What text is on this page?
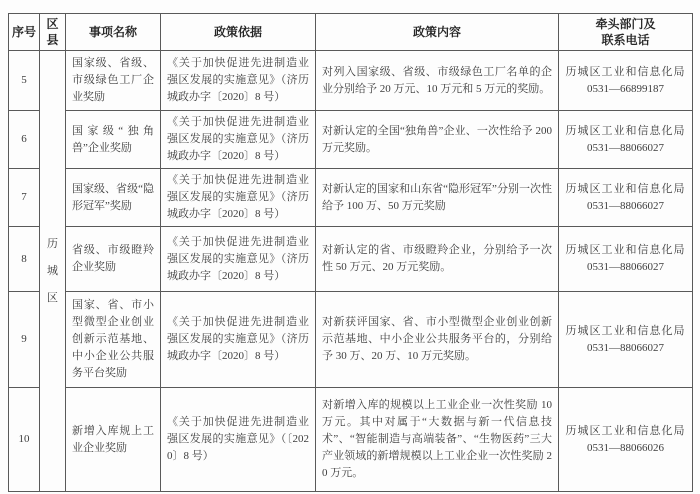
序号	区县	事项名称	政策依据	政策内容	牵头部门及
联系电话

5	历
城
区	国家级、省级、市级绿色工厂企业奖励	《关于加快促进先进制造业强区发展的实施意见》（济历城政办字〔2020〕8 号）	对列入国家级、省级、市级绿色工厂名单的企业分别给予 20 万元、10 万元和 5 万元的奖励。	历城区工业和信息化局
0531—66899187

6		国家级“独角兽”企业奖励	《关于加快促进先进制造业强区发展的实施意见》（济历城政办字〔2020〕8 号）	对新认定的全国“独角兽”企业、一次性给予 200 万元奖励。	历城区工业和信息化局
0531—88066027

7		国家级、省级“隐形冠军”奖励	《关于加快促进先进制造业强区发展的实施意见》（济历城政办字〔2020〕8 号）	对新认定的国家和山东省“隐形冠军”分别一次性给予 100 万、50 万元奖励	历城区工业和信息化局
0531—88066027

8		省级、市级瞪羚企业奖励	《关于加快促进先进制造业强区发展的实施意见》（济历城政办字〔2020〕8 号）	对新认定的省、市级瞪羚企业，分别给予一次性 50 万元、20 万元奖励。	历城区工业和信息化局
0531—88066027

9		国家、省、市小型微型企业创业创新示范基地、中小企业公共服务平台奖励	《关于加快促进先进制造业强区发展的实施意见》（济历城政办字〔2020〕8 号）	对新获评国家、省、市小型微型企业创业创新示范基地、中小企业公共服务平台的，分别给予 30 万、20 万、10 万元奖励。	历城区工业和信息化局
0531—88066027

10		新增入库规上工业企业奖励	《关于加快促进先进制造业强区发展的实施意见》（〔2020〕8 号）	对新增入库的规模以上工业企业一次性奖励 10 万元。其中对属于“大数据与新一代信息技术”、“智能制造与高端装备”、“生物医药”三大产业领域的新增规模以上工业企业一次性奖励 20 万元。	历城区工业和信息化局
0531—88066026
